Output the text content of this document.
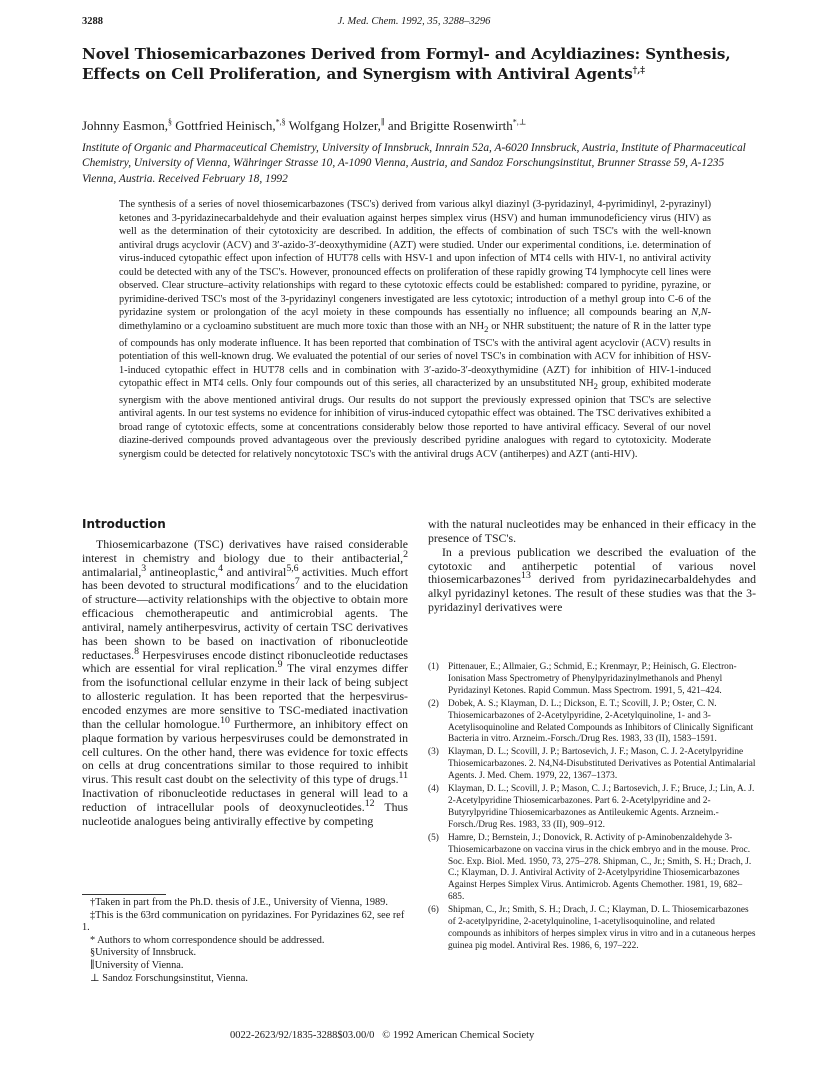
3288	J. Med. Chem. 1992, 35, 3288–3296
Novel Thiosemicarbazones Derived from Formyl- and Acyldiazines: Synthesis, Effects on Cell Proliferation, and Synergism with Antiviral Agents†,‡
Johnny Easmon,§ Gottfried Heinisch,*,§ Wolfgang Holzer,∥ and Brigitte Rosenwirth*,⊥
Institute of Organic and Pharmaceutical Chemistry, University of Innsbruck, Innrain 52a, A-6020 Innsbruck, Austria, Institute of Pharmaceutical Chemistry, University of Vienna, Währinger Strasse 10, A-1090 Vienna, Austria, and Sandoz Forschungsinstitut, Brunner Strasse 59, A-1235 Vienna, Austria. Received February 18, 1992
The synthesis of a series of novel thiosemicarbazones (TSC's) derived from various alkyl diazinyl (3-pyridazinyl, 4-pyrimidinyl, 2-pyrazinyl) ketones and 3-pyridazinecarbaldehyde and their evaluation against herpes simplex virus (HSV) and human immunodeficiency virus (HIV) as well as the determination of their cytotoxicity are described. In addition, the effects of combination of such TSC's with the well-known antiviral drugs acyclovir (ACV) and 3′-azido-3′-deoxythymidine (AZT) were studied. Under our experimental conditions, i.e. determination of virus-induced cytopathic effect upon infection of HUT78 cells with HSV-1 and upon infection of MT4 cells with HIV-1, no antiviral activity could be detected with any of the TSC's. However, pronounced effects on proliferation of these rapidly growing T4 lymphocyte cell lines were observed. Clear structure–activity relationships with regard to these cytotoxic effects could be established: compared to pyridine, pyrazine, or pyrimidine-derived TSC's most of the 3-pyridazinyl congeners investigated are less cytotoxic; introduction of a methyl group into C-6 of the pyridazine system or prolongation of the acyl moiety in these compounds has essentially no influence; all compounds bearing an N,N-dimethylamino or a cycloamino substituent are much more toxic than those with an $NH_2$ or NHR substituent; the nature of R in the latter type of compounds has only moderate influence. It has been reported that combination of TSC's with the antiviral agent acyclovir (ACV) results in potentiation of this well-known drug. We evaluated the potential of our series of novel TSC's in combination with ACV for inhibition of HSV-1-induced cytopathic effect in HUT78 cells and in combination with 3′-azido-3′-deoxythymidine (AZT) for inhibition of HIV-1-induced cytopathic effect in MT4 cells. Only four compounds out of this series, all characterized by an unsubstituted $NH_2$ group, exhibited moderate synergism with the above mentioned antiviral drugs. Our results do not support the previously expressed opinion that TSC's are selective antiviral agents. In our test systems no evidence for inhibition of virus-induced cytopathic effect was obtained. The TSC derivatives exhibited a broad range of cytotoxic effects, some at concentrations considerably below those reported to have antiviral efficacy. Several of our novel diazine-derived compounds proved advantageous over the previously described pyridine analogues with regard to cytotoxicity. Moderate synergism could be detected for relatively noncytotoxic TSC's with the antiviral drugs ACV (antiherpes) and AZT (anti-HIV).
Introduction

Thiosemicarbazone (TSC) derivatives have raised considerable interest in chemistry and biology due to their antibacterial,$^2$ antimalarial,$^3$ antineoplastic,$^4$ and antiviral$^{5,6}$ activities. Much effort has been devoted to structural modifications$^7$ and to the elucidation of structure—activity relationships with the objective to obtain more efficacious chemotherapeutic and antimicrobial agents. The antiviral, namely antiherpesvirus, activity of certain TSC derivatives has been shown to be based on inactivation of ribonucleotide reductases.$^8$ Herpesviruses encode distinct ribonucleotide reductases which are essential for viral replication.$^9$ The viral enzymes differ from the isofunctional cellular enzyme in their lack of being subject to allosteric regulation. It has been reported that the herpesvirus-encoded enzymes are more sensitive to TSC-mediated inactivation than the cellular homologue.$^{10}$ Furthermore, an inhibitory effect on plaque formation by various herpesviruses could be demonstrated in cell cultures. On the other hand, there was evidence for toxic effects on cells at drug concentrations similar to those required to inhibit virus. This result cast doubt on the selectivity of this type of drugs.$^{11}$ Inactivation of ribonucleotide reductases in general will lead to a reduction of intracellular pools of deoxynucleotides.$^{12}$ Thus nucleotide analogues being antivirally effective by competing

with the natural nucleotides may be enhanced in their efficacy in the presence of TSC's.

In a previous publication we described the evaluation of the cytotoxic and antiherpetic potential of various novel thiosemicarbazones$^{13}$ derived from pyridazinecarbaldehydes and alkyl pyridazinyl ketones. The result of these studies was that the 3-pyridazinyl derivatives were

(1) Pittenauer, E.; Allmaier, G.; Schmid, E.; Krenmayr, P.; Heinisch, G. Electron-Ionisation Mass Spectrometry of Phenylpyridazinylmethanols and Phenyl Pyridazinyl Ketones. Rapid Commun. Mass Spectrom. 1991, 5, 421–424.
(2) Dobek, A. S.; Klayman, D. L.; Dickson, E. T.; Scovill, J. P.; Oster, C. N. Thiosemicarbazones of 2-Acetylpyridine, 2-Acetylquinoline, 1- and 3-Acetylisoquinoline and Related Compounds as Inhibitors of Clinically Significant Bacteria in vitro. Arzneim.-Forsch./Drug Res. 1983, 33 (II), 1583–1591.
(3) Klayman, D. L.; Scovill, J. P.; Bartosevich, J. F.; Mason, C. J. 2-Acetylpyridine Thiosemicarbazones. 2. N4,N4-Disubstituted Derivatives as Potential Antimalarial Agents. J. Med. Chem. 1979, 22, 1367–1373.
(4) Klayman, D. L.; Scovill, J. P.; Mason, C. J.; Bartosevich, J. F.; Bruce, J.; Lin, A. J. 2-Acetylpyridine Thiosemicarbazones. Part 6. 2-Acetylpyridine and 2-Butyrylpyridine Thiosemicarbazones as Antileukemic Agents. Arzneim.-Forsch./Drug Res. 1983, 33 (II), 909–912.
(5) Hamre, D.; Bernstein, J.; Donovick, R. Activity of p-Aminobenzaldehyde 3-Thiosemicarbazone on vaccina virus in the chick embryo and in the mouse. Proc. Soc. Exp. Biol. Med. 1950, 73, 275–278. Shipman, C., Jr.; Smith, S. H.; Drach, J. C.; Klayman, D. J. Antiviral Activity of 2-Acetylpyridine Thiosemicarbazones Against Herpes Simplex Virus. Antimicrob. Agents Chemother. 1981, 19, 682–685.
(6) Shipman, C., Jr.; Smith, S. H.; Drach, J. C.; Klayman, D. L. Thiosemicarbazones of 2-acetylpyridine, 2-acetylquinoline, 1-acetylisoquinoline, and related compounds as inhibitors of herpes simplex virus in vitro and in a cutaneous herpes guinea pig model. Antiviral Res. 1986, 6, 197–222.

†Taken in part from the Ph.D. thesis of J.E., University of Vienna, 1989.

‡This is the 63rd communication on pyridazines. For Pyridazines 62, see ref 1.

* Authors to whom correspondence should be addressed.

§University of Innsbruck.

∥University of Vienna.

⊥ Sandoz Forschungsinstitut, Vienna.

0022-2623/92/1835-3288$03.00/0 © 1992 American Chemical Society
